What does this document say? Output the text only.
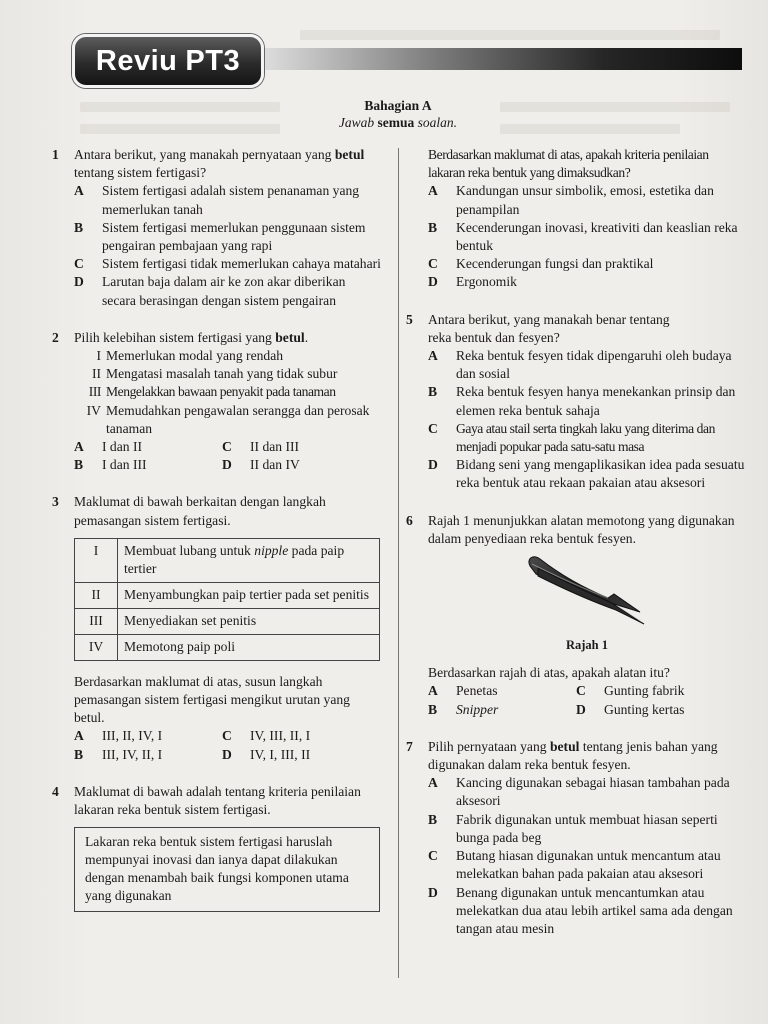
Reviu PT3
Bahagian A
Jawab semua soalan.
1	Antara berikut, yang manakah pernyataan yang betul tentang sistem fertigasi?
A	Sistem fertigasi adalah sistem penanaman yang memerlukan tanah
B	Sistem fertigasi memerlukan penggunaan sistem pengairan pembajaan yang rapi
C	Sistem fertigasi tidak memerlukan cahaya matahari
D	Larutan baja dalam air ke zon akar diberikan secara berasingan dengan sistem pengairan
2	Pilih kelebihan sistem fertigasi yang betul.
I Memerlukan modal yang rendah
II Mengatasi masalah tanah yang tidak subur
III Mengelakkan bawaan penyakit pada tanaman
IV Memudahkan pengawalan serangga dan perosak tanaman
A	I dan II	C	II dan III
B	I dan III	D	II dan IV
3	Maklumat di bawah berkaitan dengan langkah pemasangan sistem fertigasi.
I	Membuat lubang untuk nipple pada paip tertier
II	Menyambungkan paip tertier pada set penitis
III	Menyediakan set penitis
IV	Memotong paip poli
Berdasarkan maklumat di atas, susun langkah pemasangan sistem fertigasi mengikut urutan yang betul.
A	III, II, IV, I	C	IV, III, II, I
B	III, IV, II, I	D	IV, I, III, II
4	Maklumat di bawah adalah tentang kriteria penilaian lakaran reka bentuk sistem fertigasi.
Lakaran reka bentuk sistem fertigasi haruslah mempunyai inovasi dan ianya dapat dilakukan dengan menambah baik fungsi komponen utama yang digunakan
Berdasarkan maklumat di atas, apakah kriteria penilaian lakaran reka bentuk yang dimaksudkan?
A	Kandungan unsur simbolik, emosi, estetika dan penampilan
B	Kecenderungan inovasi, kreativiti dan keaslian reka bentuk
C	Kecenderungan fungsi dan praktikal
D	Ergonomik
5	Antara berikut, yang manakah benar tentang
reka bentuk dan fesyen?
A	Reka bentuk fesyen tidak dipengaruhi oleh budaya dan sosial
B	Reka bentuk fesyen hanya menekankan prinsip dan elemen reka bentuk sahaja
C	Gaya atau stail serta tingkah laku yang diterima dan menjadi popukar pada satu-satu masa
D	Bidang seni yang mengaplikasikan idea pada sesuatu reka bentuk atau rekaan pakaian atau aksesori
6	Rajah 1 menunjukkan alatan memotong yang digunakan dalam penyediaan reka bentuk fesyen.
Rajah 1
Berdasarkan rajah di atas, apakah alatan itu?
A	Penetas	C	Gunting fabrik
B	Snipper	D	Gunting kertas
7	Pilih pernyataan yang betul tentang jenis bahan yang digunakan dalam reka bentuk fesyen.
A	Kancing digunakan sebagai hiasan tambahan pada aksesori
B	Fabrik digunakan untuk membuat hiasan seperti bunga pada beg
C	Butang hiasan digunakan untuk mencantum atau melekatkan bahan pada pakaian atau aksesori
D	Benang digunakan untuk mencantumkan atau melekatkan dua atau lebih artikel sama ada dengan tangan atau mesin
